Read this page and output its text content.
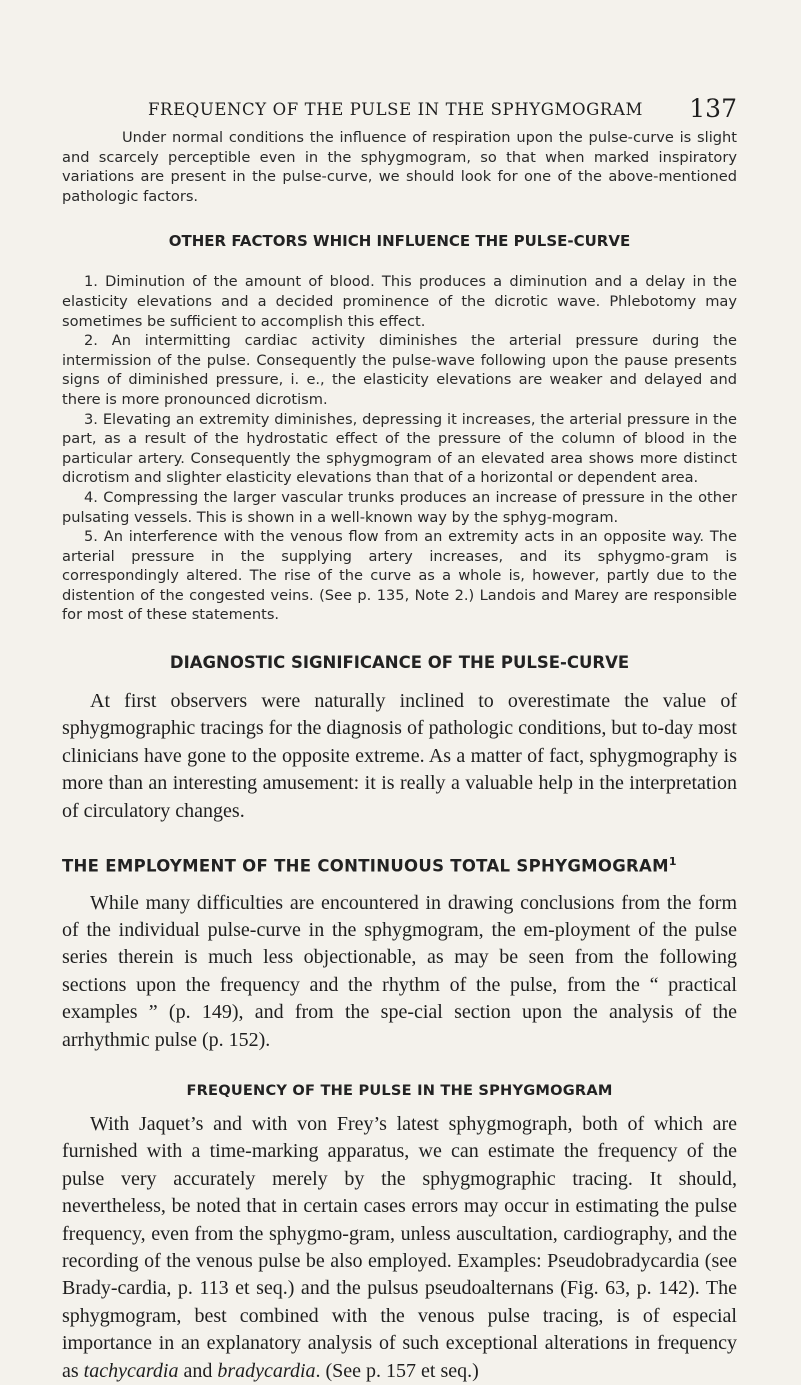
FREQUENCY OF THE PULSE IN THE SPHYGMOGRAM 137

Under normal conditions the influence of respiration upon the pulse-curve is slight and scarcely perceptible even in the sphygmogram, so that when marked inspiratory variations are present in the pulse-curve, we should look for one of the above-mentioned pathologic factors.

OTHER FACTORS WHICH INFLUENCE THE PULSE-CURVE

1. Diminution of the amount of blood. This produces a diminution and a delay in the elasticity elevations and a decided prominence of the dicrotic wave. Phlebotomy may sometimes be sufficient to accomplish this effect.

2. An intermitting cardiac activity diminishes the arterial pressure during the intermission of the pulse. Consequently the pulse-wave following upon the pause presents signs of diminished pressure, i. e., the elasticity elevations are weaker and delayed and there is more pronounced dicrotism.

3. Elevating an extremity diminishes, depressing it increases, the arterial pressure in the part, as a result of the hydrostatic effect of the pressure of the column of blood in the particular artery. Consequently the sphygmogram of an elevated area shows more distinct dicrotism and slighter elasticity elevations than that of a horizontal or dependent area.

4. Compressing the larger vascular trunks produces an increase of pressure in the other pulsating vessels. This is shown in a well-known way by the sphyg-mogram.

5. An interference with the venous flow from an extremity acts in an opposite way. The arterial pressure in the supplying artery increases, and its sphygmo-gram is correspondingly altered. The rise of the curve as a whole is, however, partly due to the distention of the congested veins. (See p. 135, Note 2.) Landois and Marey are responsible for most of these statements.

DIAGNOSTIC SIGNIFICANCE OF THE PULSE-CURVE

At first observers were naturally inclined to overestimate the value of sphygmographic tracings for the diagnosis of pathologic conditions, but to-day most clinicians have gone to the opposite extreme. As a matter of fact, sphygmography is more than an interesting amusement: it is really a valuable help in the interpretation of circulatory changes.

THE EMPLOYMENT OF THE CONTINUOUS TOTAL SPHYGMOGRAM$^1$

While many difficulties are encountered in drawing conclusions from the form of the individual pulse-curve in the sphygmogram, the em-ployment of the pulse series therein is much less objectionable, as may be seen from the following sections upon the frequency and the rhythm of the pulse, from the “ practical examples ” (p. 149), and from the spe-cial section upon the analysis of the arrhythmic pulse (p. 152).

FREQUENCY OF THE PULSE IN THE SPHYGMOGRAM

With Jaquet’s and with von Frey’s latest sphygmograph, both of which are furnished with a time-marking apparatus, we can estimate the frequency of the pulse very accurately merely by the sphygmographic tracing. It should, nevertheless, be noted that in certain cases errors may occur in estimating the pulse frequency, even from the sphygmo-gram, unless auscultation, cardiography, and the recording of the venous pulse be also employed. Examples: Pseudobradycardia (see Brady-cardia, p. 113 et seq.) and the pulsus pseudoalternans (Fig. 63, p. 142). The sphygmogram, best combined with the venous pulse tracing, is of especial importance in an explanatory analysis of such exceptional alterations in frequency as tachycardia and bradycardia. (See p. 157 et seq.)
